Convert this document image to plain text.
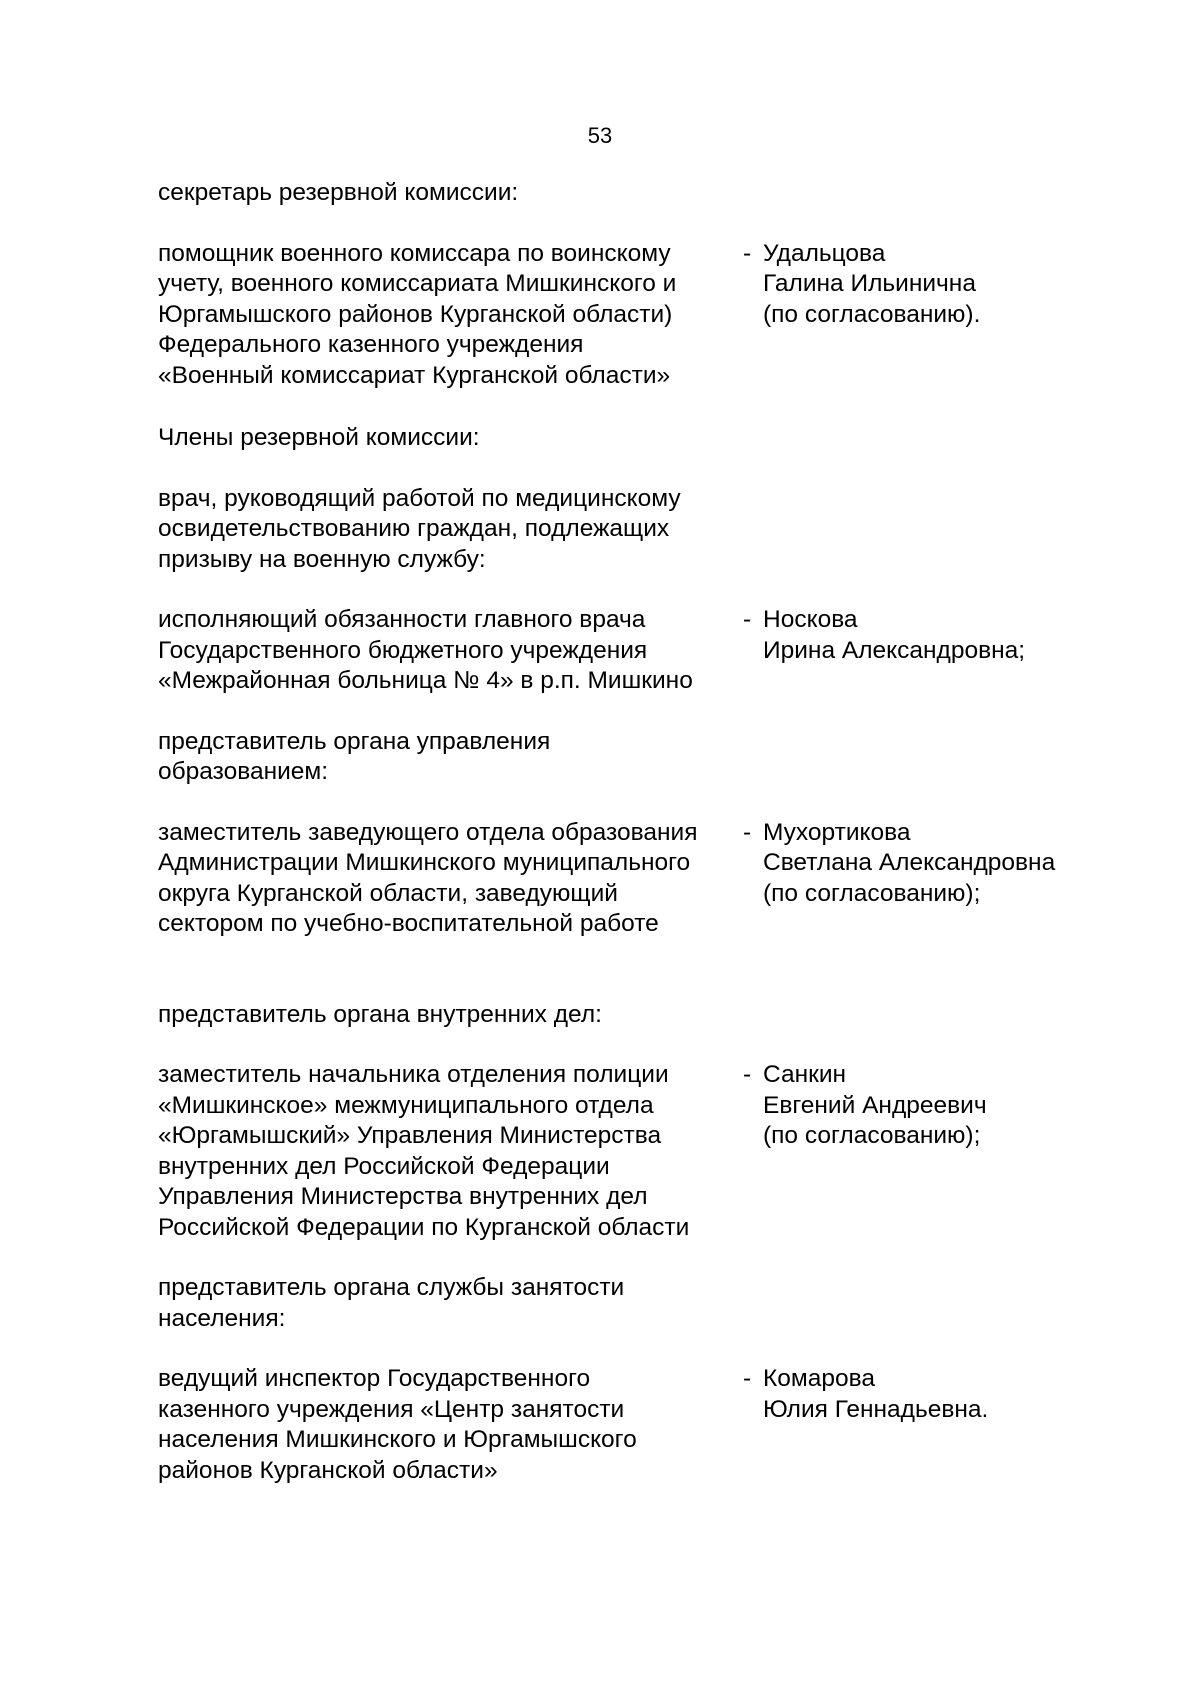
53

секретарь резервной комиссии:

помощник военного комиссара по воинскому
учету, военного комиссариата Мишкинского и
Юргамышского районов Курганской области)
Федерального казенного учреждения
«Военный комиссариат Курганской области»

- Удальцова
Галина Ильинична
(по согласованию).

Члены резервной комиссии:

врач, руководящий работой по медицинскому
освидетельствованию граждан, подлежащих
призыву на военную службу:

исполняющий обязанности главного врача
Государственного бюджетного учреждения
«Межрайонная больница № 4» в р.п. Мишкино

- Носкова
Ирина Александровна;

представитель органа управления
образованием:

заместитель заведующего отдела образования
Администрации Мишкинского муниципального
округа Курганской области, заведующий
сектором по учебно-воспитательной работе

- Мухортикова
Светлана Александровна
(по согласованию);

представитель органа внутренних дел:

заместитель начальника отделения полиции
«Мишкинское» межмуниципального отдела
«Юргамышский» Управления Министерства
внутренних дел Российской Федерации
Управления Министерства внутренних дел
Российской Федерации по Курганской области

- Санкин
Евгений Андреевич
(по согласованию);

представитель органа службы занятости
населения:

ведущий инспектор Государственного
казенного учреждения «Центр занятости
населения Мишкинского и Юргамышского
районов Курганской области»

- Комарова
Юлия Геннадьевна.
